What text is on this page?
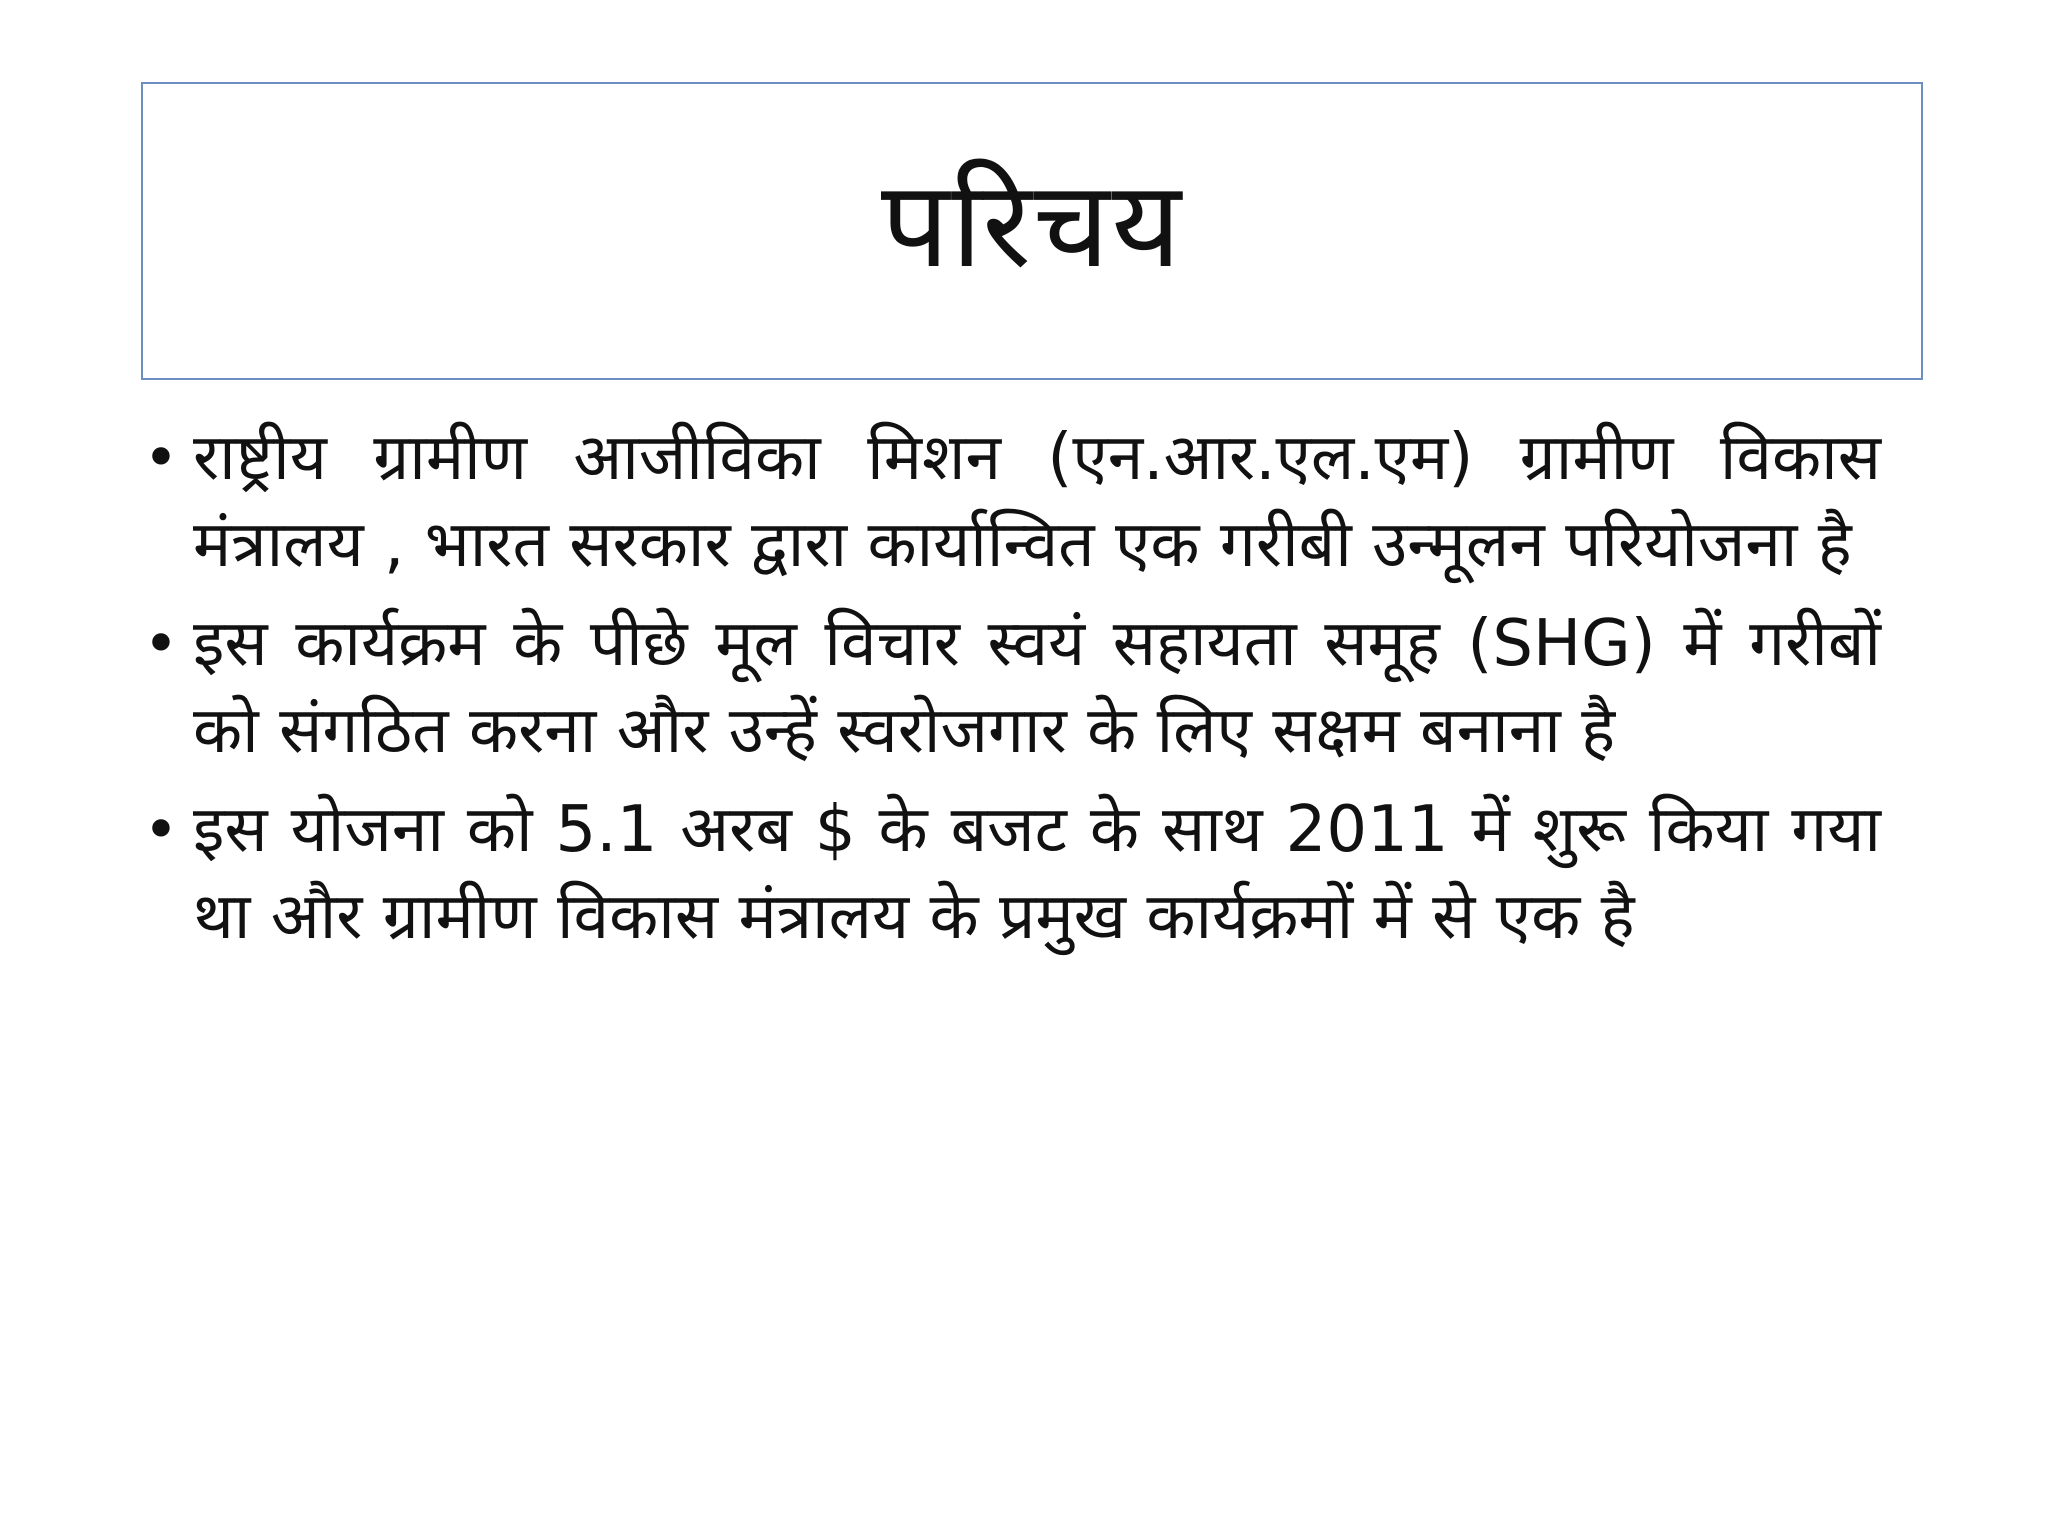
परिचय
• राष्ट्रीय ग्रामीण आजीविका मिशन (एन.आर.एल.एम) ग्रामीण विकास मंत्रालय , भारत सरकार द्वारा कार्यान्वित एक गरीबी उन्मूलन परियोजना है
• इस कार्यक्रम के पीछे मूल विचार स्वयं सहायता समूह (SHG) में गरीबों को संगठित करना और उन्हें स्वरोजगार के लिए सक्षम बनाना है
• इस योजना को 5.1 अरब $ के बजट के साथ 2011 में शुरू किया गया था और ग्रामीण विकास मंत्रालय के प्रमुख कार्यक्रमों में से एक है
